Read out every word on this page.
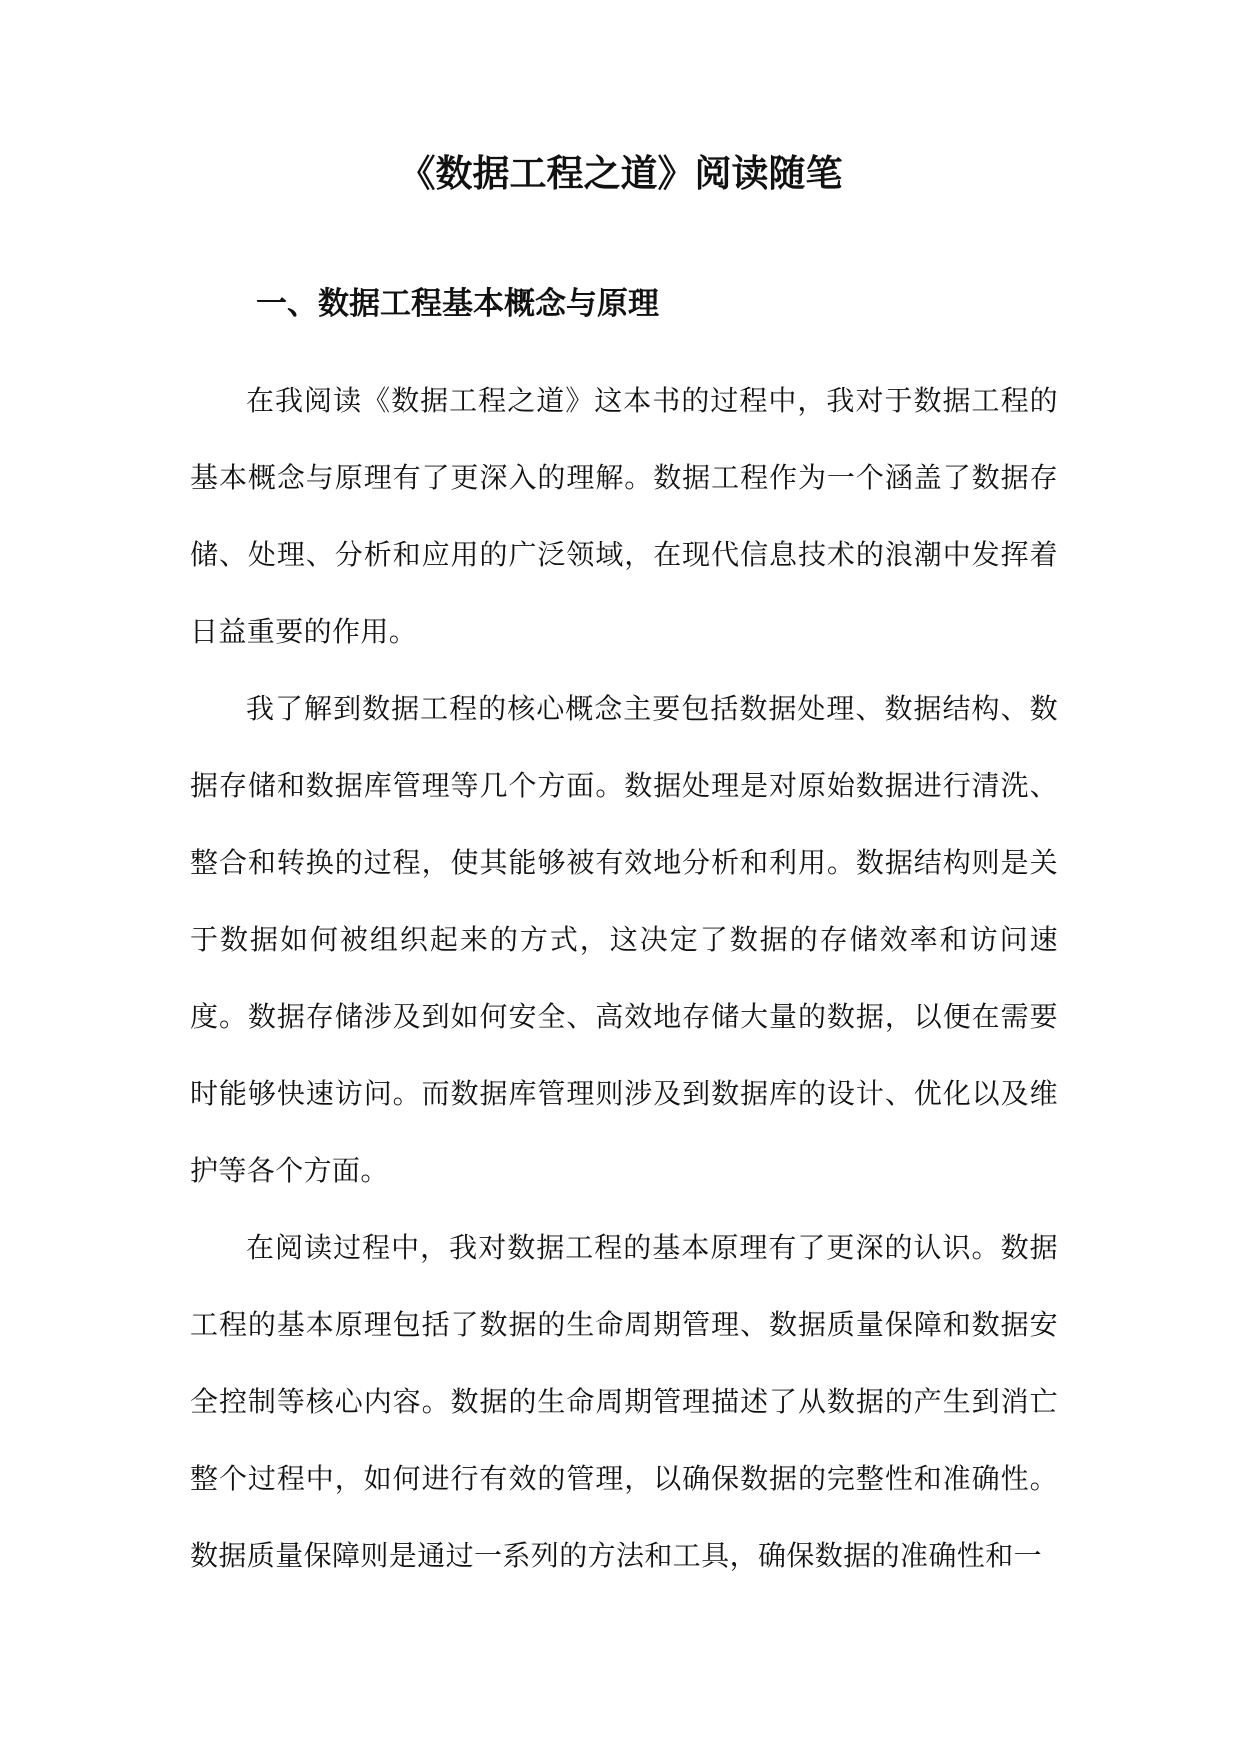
《数据工程之道》阅读随笔
一、数据工程基本概念与原理

在我阅读《数据工程之道》这本书的过程中，我对于数据工程的基本概念与原理有了更深入的理解。数据工程作为一个涵盖了数据存储、处理、分析和应用的广泛领域，在现代信息技术的浪潮中发挥着日益重要的作用。

我了解到数据工程的核心概念主要包括数据处理、数据结构、数据存储和数据库管理等几个方面。数据处理是对原始数据进行清洗、整合和转换的过程，使其能够被有效地分析和利用。数据结构则是关于数据如何被组织起来的方式，这决定了数据的存储效率和访问速度。数据存储涉及到如何安全、高效地存储大量的数据，以便在需要时能够快速访问。而数据库管理则涉及到数据库的设计、优化以及维护等各个方面。

在阅读过程中，我对数据工程的基本原理有了更深的认识。数据工程的基本原理包括了数据的生命周期管理、数据质量保障和数据安全控制等核心内容。数据的生命周期管理描述了从数据的产生到消亡整个过程中，如何进行有效的管理，以确保数据的完整性和准确性。数据质量保障则是通过一系列的方法和工具，确保数据的准确性和一
